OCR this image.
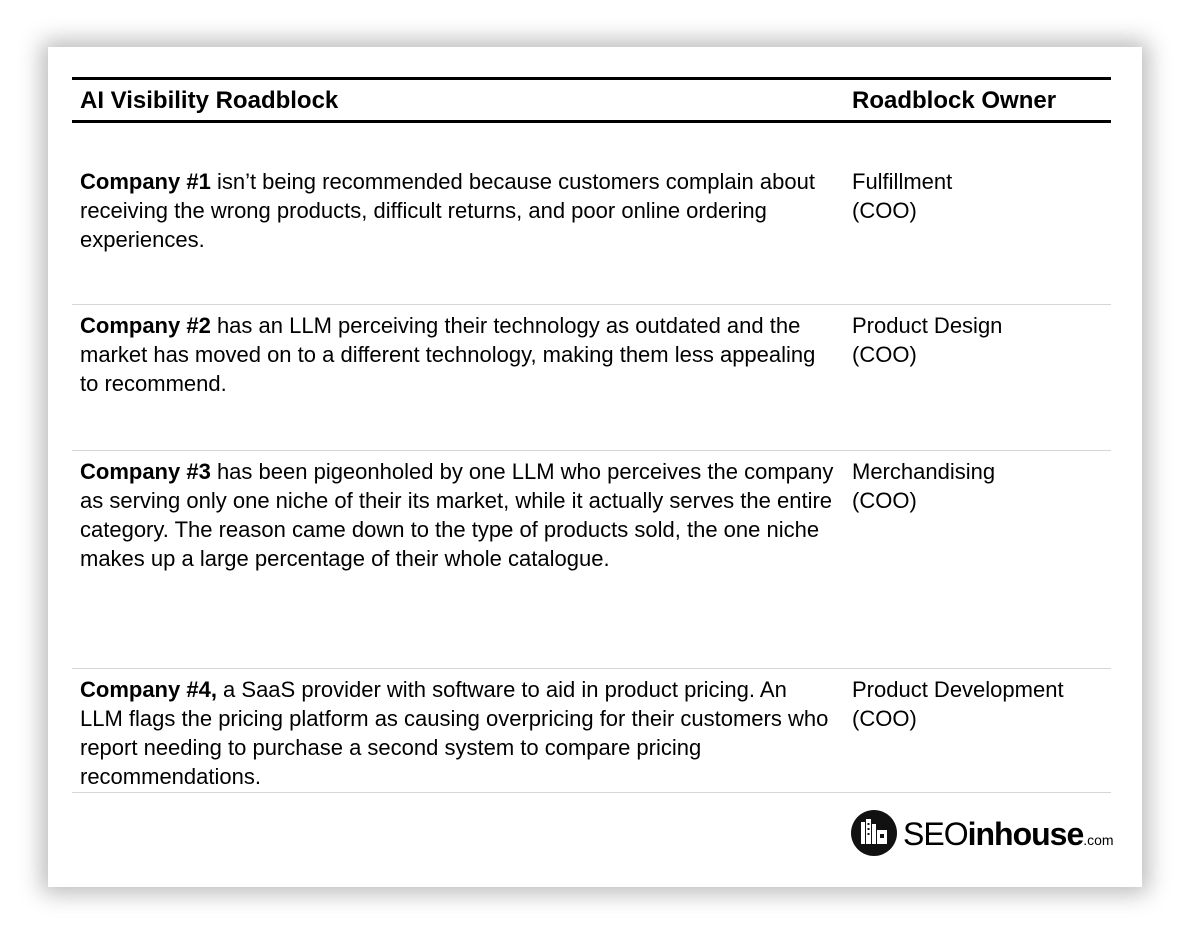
AI Visibility Roadblock	Roadblock Owner
Company #1 isn’t being recommended because customers complain about receiving the wrong products, difficult returns, and poor online ordering experiences.
Fulfillment
(COO)
Company #2 has an LLM perceiving their technology as outdated and the market has moved on to a different technology, making them less appealing to recommend.
Product Design
(COO)
Company #3 has been pigeonholed by one LLM who perceives the company as serving only one niche of their its market, while it actually serves the entire category. The reason came down to the type of products sold, the one niche makes up a large percentage of their whole catalogue.
Merchandising
(COO)
Company #4, a SaaS provider with software to aid in product pricing. An LLM flags the pricing platform as causing overpricing for their customers who report needing to purchase a second system to compare pricing recommendations.
Product Development
(COO)
SEOinhouse.com
